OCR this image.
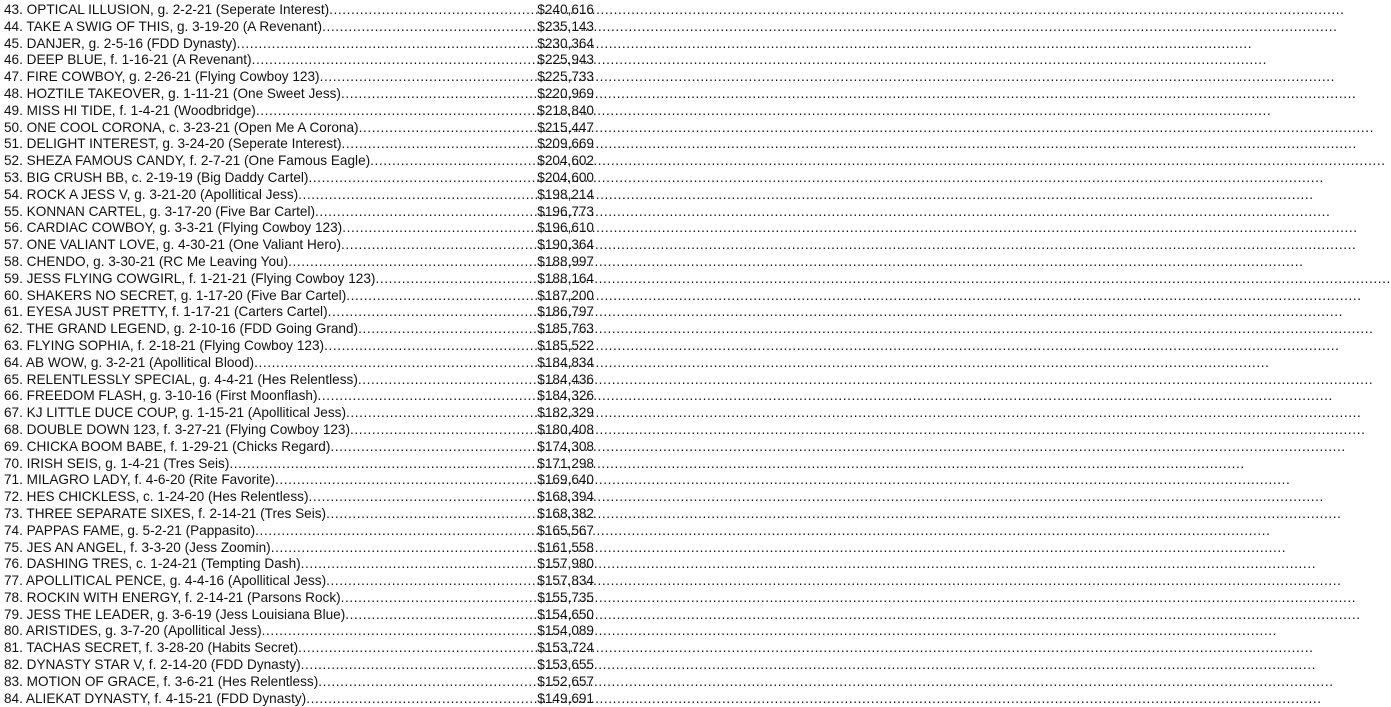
43. OPTICAL ILLUSION, g. 2-2-21 (Seperate Interest) .....	$240,616
44. TAKE A SWIG OF THIS, g. 3-19-20 (A Revenant) .....	$235,143
45. DANJER, g. 2-5-16 (FDD Dynasty) .....	$230,364
46. DEEP BLUE, f. 1-16-21 (A Revenant) .....	$225,943
47. FIRE COWBOY, g. 2-26-21 (Flying Cowboy 123) .....	$225,733
48. HOZTILE TAKEOVER, g. 1-11-21 (One Sweet Jess) .....	$220,969
49. MISS HI TIDE, f. 1-4-21 (Woodbridge) .....	$218,840
50. ONE COOL CORONA, c. 3-23-21 (Open Me A Corona) .....	$215,447
51. DELIGHT INTEREST, g. 3-24-20 (Seperate Interest) .....	$209,669
52. SHEZA FAMOUS CANDY, f. 2-7-21 (One Famous Eagle) .....	$204,602
53. BIG CRUSH BB, c. 2-19-19 (Big Daddy Cartel) .....	$204,600
54. ROCK A JESS V, g. 3-21-20 (Apollitical Jess) .....	$198,214
55. KONNAN CARTEL, g. 3-17-20 (Five Bar Cartel) .....	$196,773
56. CARDIAC COWBOY, g. 3-3-21 (Flying Cowboy 123) .....	$196,610
57. ONE VALIANT LOVE, g. 4-30-21 (One Valiant Hero) .....	$190,364
58. CHENDO, g. 3-30-21 (RC Me Leaving You) .....	$188,997
59. JESS FLYING COWGIRL, f. 1-21-21 (Flying Cowboy 123) .....	$188,164
60. SHAKERS NO SECRET, g. 1-17-20 (Five Bar Cartel) .....	$187,200
61. EYESA JUST PRETTY, f. 1-17-21 (Carters Cartel) .....	$186,797
62. THE GRAND LEGEND, g. 2-10-16 (FDD Going Grand) .....	$185,763
63. FLYING SOPHIA, f. 2-18-21 (Flying Cowboy 123) .....	$185,522
64. AB WOW, g. 3-2-21 (Apollitical Blood) .....	$184,834
65. RELENTLESSLY SPECIAL, g. 4-4-21 (Hes Relentless) .....	$184,436
66. FREEDOM FLASH, g. 3-10-16 (First Moonflash) .....	$184,326
67. KJ LITTLE DUCE COUP, g. 1-15-21 (Apollitical Jess) .....	$182,329
68. DOUBLE DOWN 123, f. 3-27-21 (Flying Cowboy 123) .....	$180,408
69. CHICKA BOOM BABE, f. 1-29-21 (Chicks Regard) .....	$174,308
70. IRISH SEIS, g. 1-4-21 (Tres Seis) .....	$171,298
71. MILAGRO LADY, f. 4-6-20 (Rite Favorite) .....	$169,640
72. HES CHICKLESS, c. 1-24-20 (Hes Relentless) .....	$168,394
73. THREE SEPARATE SIXES, f. 2-14-21 (Tres Seis) .....	$168,382
74. PAPPAS FAME, g. 5-2-21 (Pappasito) .....	$165,567
75. JES AN ANGEL, f. 3-3-20 (Jess Zoomin) .....	$161,558
76. DASHING TRES, c. 1-24-21 (Tempting Dash) .....	$157,980
77. APOLLITICAL PENCE, g. 4-4-16 (Apollitical Jess) .....	$157,834
78. ROCKIN WITH ENERGY, f. 2-14-21 (Parsons Rock) .....	$155,735
79. JESS THE LEADER, g. 3-6-19 (Jess Louisiana Blue) .....	$154,650
80. ARISTIDES, g. 3-7-20 (Apollitical Jess) .....	$154,089
81. TACHAS SECRET, f. 3-28-20 (Habits Secret) .....	$153,724
82. DYNASTY STAR V, f. 2-14-20 (FDD Dynasty) .....	$153,655
83. MOTION OF GRACE, f. 3-6-21 (Hes Relentless) .....	$152,657
84. ALIEKAT DYNASTY, f. 4-15-21 (FDD Dynasty) .....	$149,691
